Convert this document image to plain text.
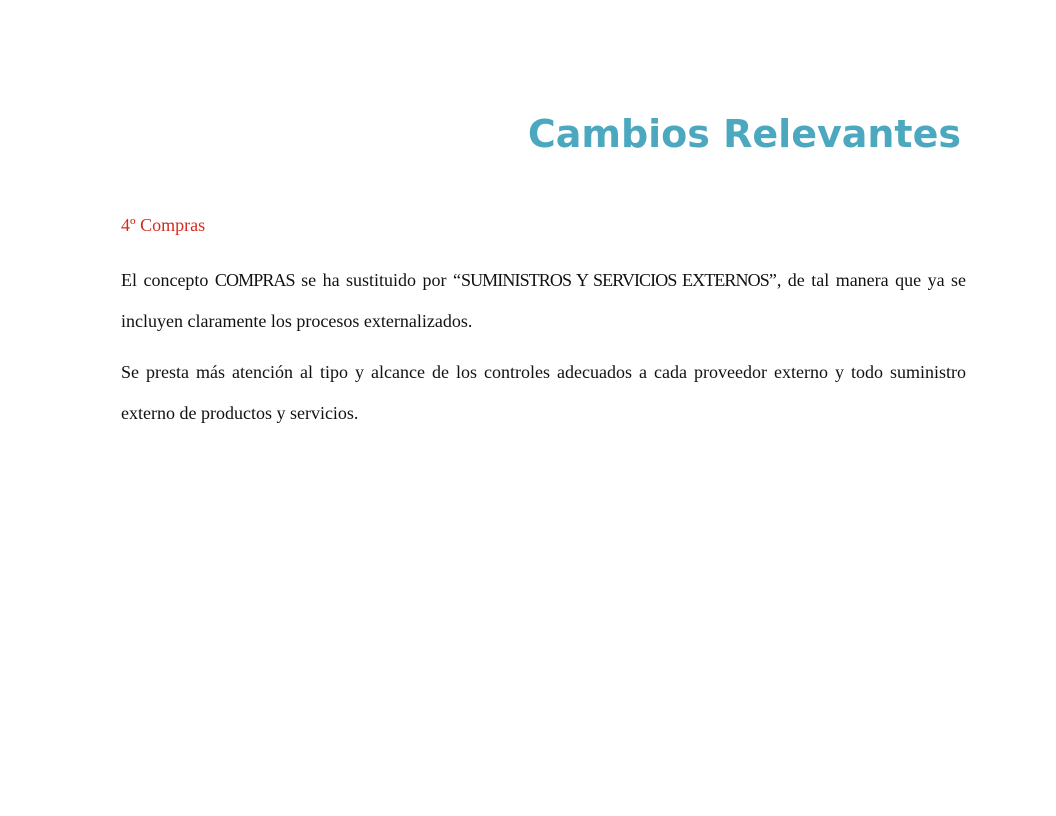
Cambios Relevantes

4º Compras

El concepto COMPRAS se ha sustituido por “SUMINISTROS Y SERVICIOS EXTERNOS”, de tal manera que ya se incluyen claramente los procesos externalizados.

Se presta más atención al tipo y alcance de los controles adecuados a cada proveedor externo y todo suministro externo de productos y servicios.
